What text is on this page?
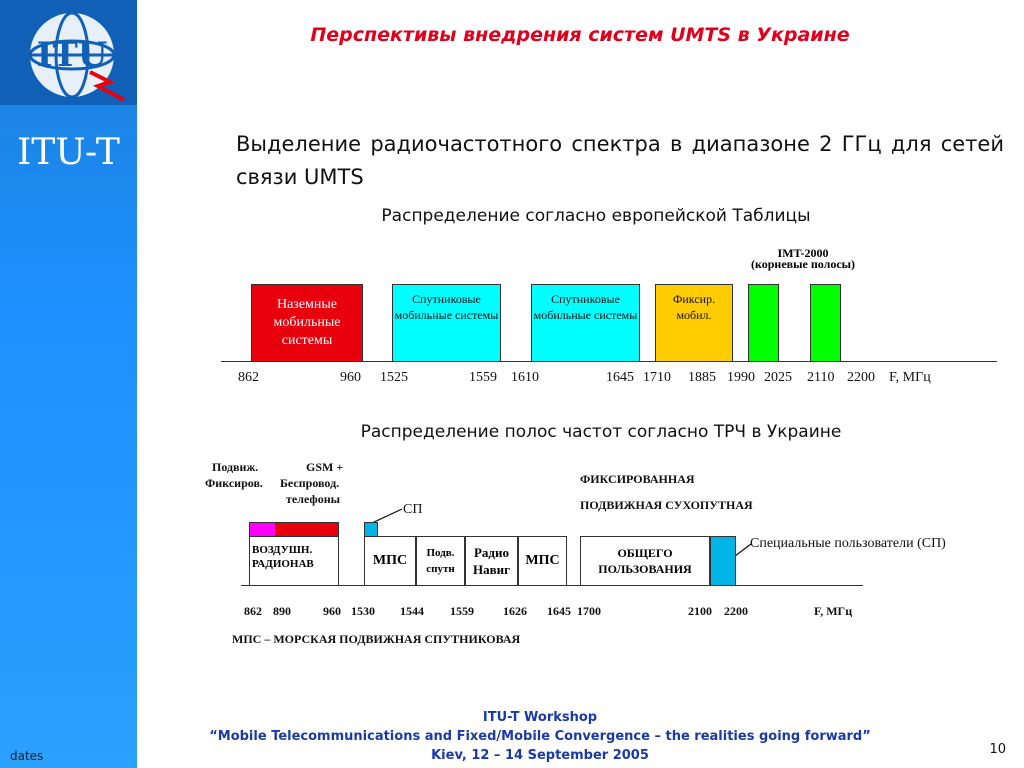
ITU
ITU-T
dates
Перспективы внедрения систем UMTS в Украине
Выделение радиочастотного спектра в диапазоне 2 ГГц для сетей связи UMTS
Распределение согласно европейской Таблицы
IMT-2000
(корневые полосы)
Наземные мобильные системы
Спутниковые мобильные системы
Спутниковые мобильные системы
Фиксир. мобил.
862	960 1525	1559 1610	1645 1710 1885 1990 2025 2110 2200 F, МГц
Распределение полос частот согласно ТРЧ в Украине
Подвиж.
Фиксиров.
GSM +
Беспровод.
телефоны
СП
ФИКСИРОВАННАЯ
ПОДВИЖНАЯ СУХОПУТНАЯ
Специальные пользователи (СП)
ВОЗДУШН.
РАДИОНАВ	МПС Подв.
спутн
Радио
Навиг
МПС	ОБЩЕГО
ПОЛЬЗОВАНИЯ
862 890	960 1530 1544 1559 1626 1645 1700	2100 2200	F, МГц
МПС – МОРСКАЯ ПОДВИЖНАЯ СПУТНИКОВАЯ
ITU-T Workshop
“Mobile Telecommunications and Fixed/Mobile Convergence – the realities going forward”
Kiev, 12 – 14 September 2005	10
